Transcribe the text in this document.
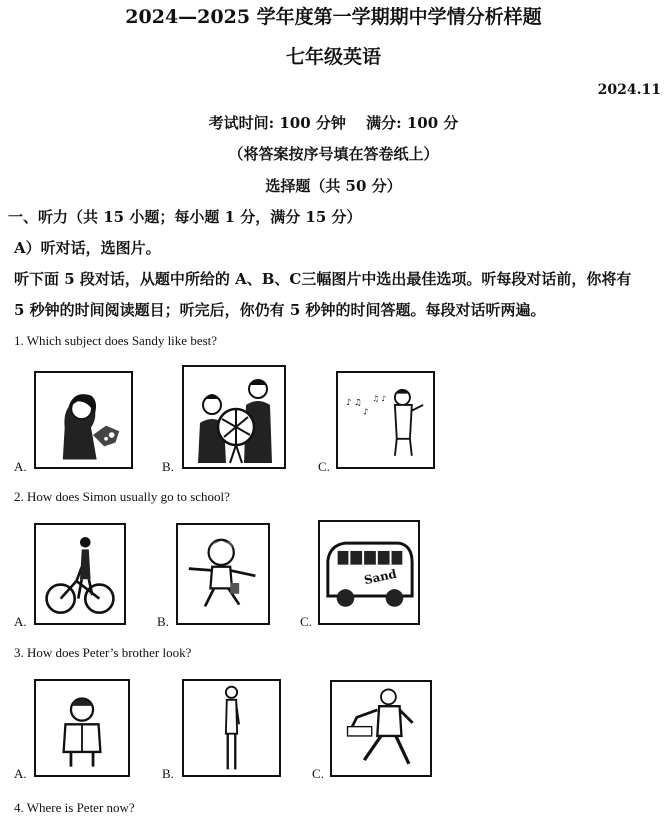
2024—2025 学年度第一学期期中学情分析样题
七年级英语
2024.11
考试时间: 100 分钟　 满分: 100 分
（将答案按序号填在答卷纸上）
选择题（共 50 分）
一、听力（共 15 小题；每小题 1 分，满分 15 分）
A）听对话，选图片。
听下面 5 段对话，从题中所给的 A、B、C三幅图片中选出最佳选项。听每段对话前，你将有
5 秒钟的时间阅读题目；听完后，你仍有 5 秒钟的时间答题。每段对话听两遍。
1. Which subject does Sandy like best?
A.	B.	C.
♪ ♫
♪
♫ ♪
2. How does Simon usually go to school?
A.	B.	C.
Sand
3. How does Peter’s brother look?
A.	B.	C.
4. Where is Peter now?
